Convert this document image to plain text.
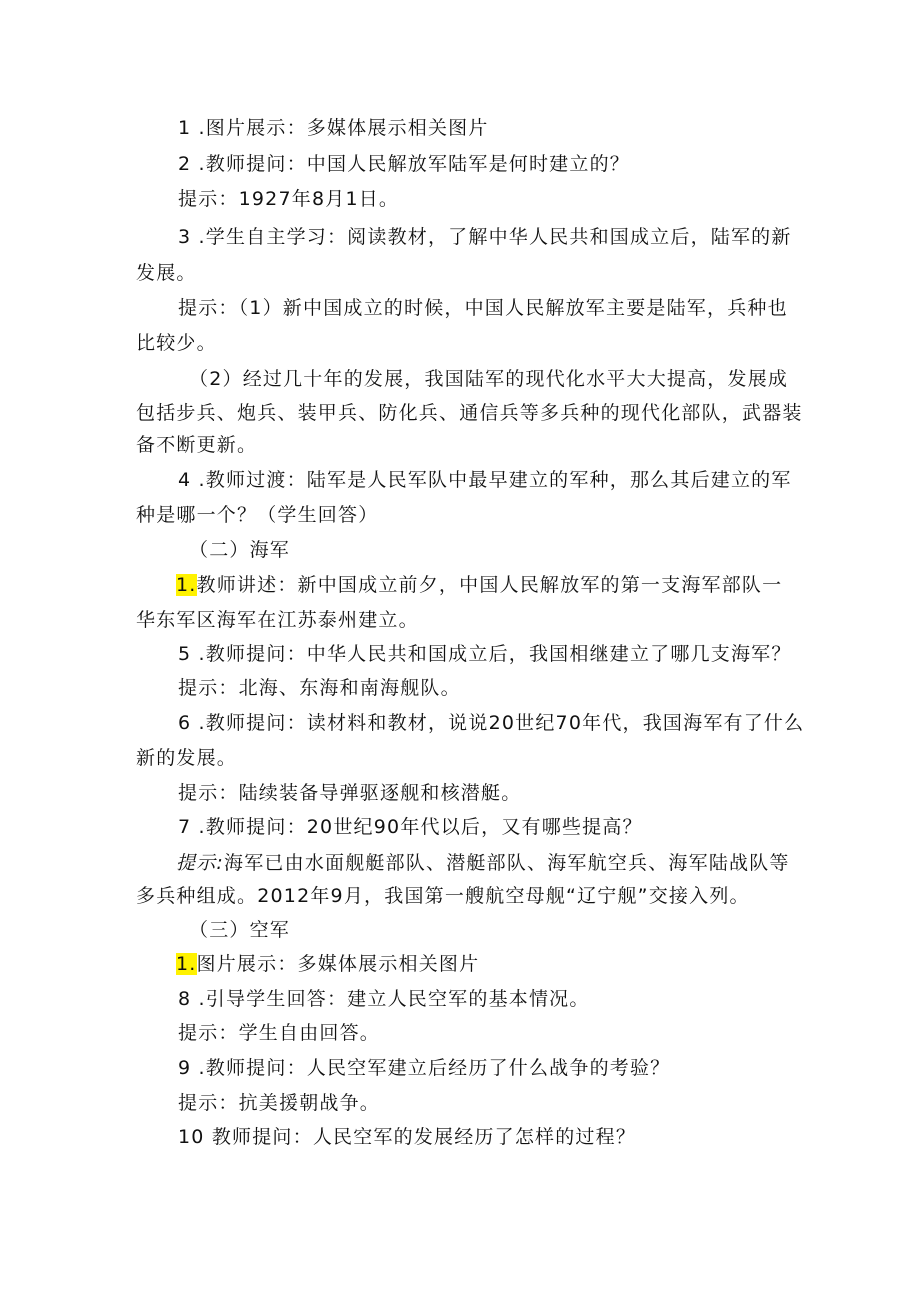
1 .图片展示：多媒体展示相关图片
2 .教师提问：中国人民解放军陆军是何时建立的？
提示：1927年8月1日。
3 .学生自主学习：阅读教材，了解中华人民共和国成立后，陆军的新
发展。
提示：（1）新中国成立的时候，中国人民解放军主要是陆军，兵种也
比较少。
（2）经过几十年的发展，我国陆军的现代化水平大大提高，发展成
包括步兵、炮兵、装甲兵、防化兵、通信兵等多兵种的现代化部队，武器装
备不断更新。
4 .教师过渡：陆军是人民军队中最早建立的军种，那么其后建立的军
种是哪一个？（学生回答）
（二）海军
1.教师讲述：新中国成立前夕，中国人民解放军的第一支海军部队一
华东军区海军在江苏泰州建立。
5 .教师提问：中华人民共和国成立后，我国相继建立了哪几支海军？
提示：北海、东海和南海舰队。
6 .教师提问：读材料和教材，说说20世纪70年代，我国海军有了什么
新的发展。
提示：陆续装备导弹驱逐舰和核潜艇。
7 .教师提问：20世纪90年代以后，又有哪些提高？
提示:海军已由水面舰艇部队、潜艇部队、海军航空兵、海军陆战队等
多兵种组成。2012年9月，我国第一艘航空母舰“辽宁舰”交接入列。
（三）空军
1.图片展示：多媒体展示相关图片
8 .引导学生回答：建立人民空军的基本情况。
提示：学生自由回答。
9 .教师提问：人民空军建立后经历了什么战争的考验？
提示：抗美援朝战争。
10 教师提问：人民空军的发展经历了怎样的过程？
